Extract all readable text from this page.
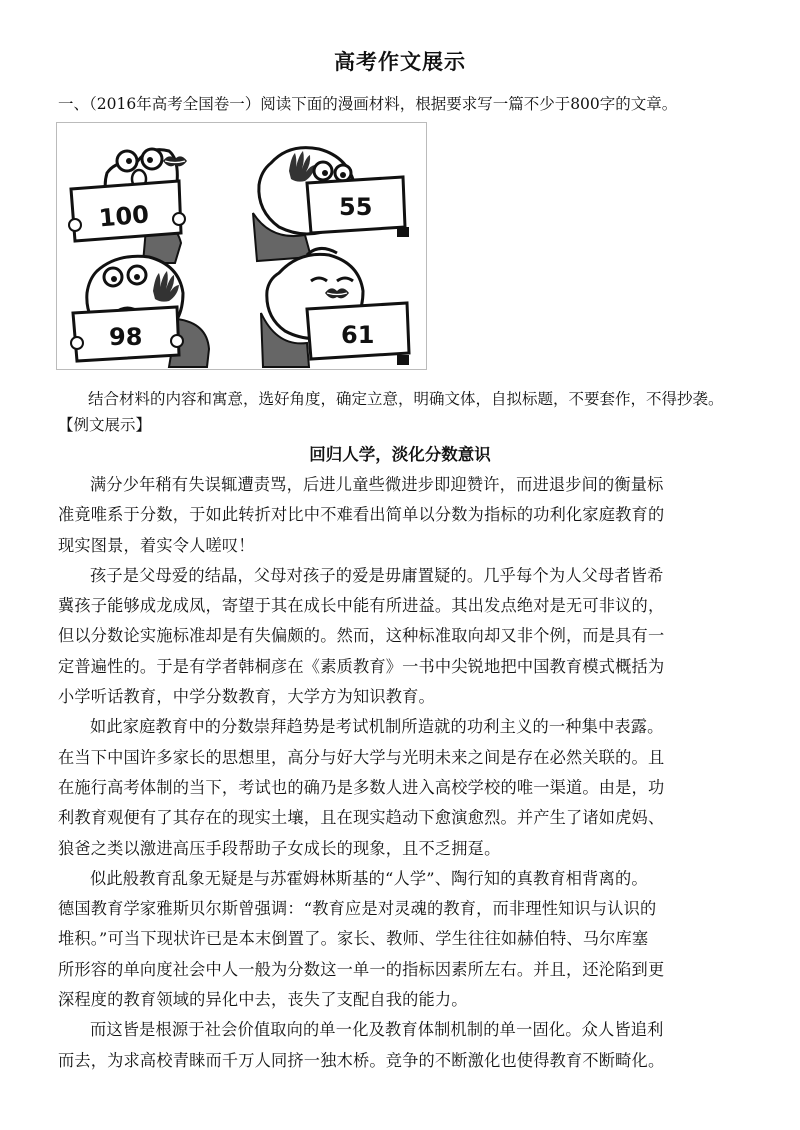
高考作文展示
一、（2016年高考全国卷一）阅读下面的漫画材料，根据要求写一篇不少于800字的文章。
100	55
98	61
结合材料的内容和寓意，选好角度，确定立意，明确文体，自拟标题，不要套作，不得抄袭。
【例文展示】
回归人学，淡化分数意识
满分少年稍有失误辄遭责骂，后进儿童些微进步即迎赞许，而进退步间的衡量标
准竟唯系于分数，于如此转折对比中不难看出简单以分数为指标的功利化家庭教育的
现实图景，着实令人嗟叹！
孩子是父母爱的结晶，父母对孩子的爱是毋庸置疑的。几乎每个为人父母者皆希
冀孩子能够成龙成凤，寄望于其在成长中能有所进益。其出发点绝对是无可非议的，
但以分数论实施标准却是有失偏颇的。然而，这种标准取向却又非个例，而是具有一
定普遍性的。于是有学者韩桐彦在《素质教育》一书中尖锐地把中国教育模式概括为
小学听话教育，中学分数教育，大学方为知识教育。
如此家庭教育中的分数崇拜趋势是考试机制所造就的功利主义的一种集中表露。
在当下中国许多家长的思想里，高分与好大学与光明未来之间是存在必然关联的。且
在施行高考体制的当下，考试也的确乃是多数人进入高校学校的唯一渠道。由是，功
利教育观便有了其存在的现实土壤，且在现实趋动下愈演愈烈。并产生了诸如虎妈、
狼爸之类以激进高压手段帮助子女成长的现象，且不乏拥趸。
似此般教育乱象无疑是与苏霍姆林斯基的“人学”、陶行知的真教育相背离的。
德国教育学家雅斯贝尔斯曾强调：“教育应是对灵魂的教育，而非理性知识与认识的
堆积。”可当下现状许已是本末倒置了。家长、教师、学生往往如赫伯特、马尔库塞
所形容的单向度社会中人一般为分数这一单一的指标因素所左右。并且，还沦陷到更
深程度的教育领域的异化中去，丧失了支配自我的能力。
而这皆是根源于社会价值取向的单一化及教育体制机制的单一固化。众人皆追利
而去，为求高校青睐而千万人同挤一独木桥。竞争的不断激化也使得教育不断畸化。
